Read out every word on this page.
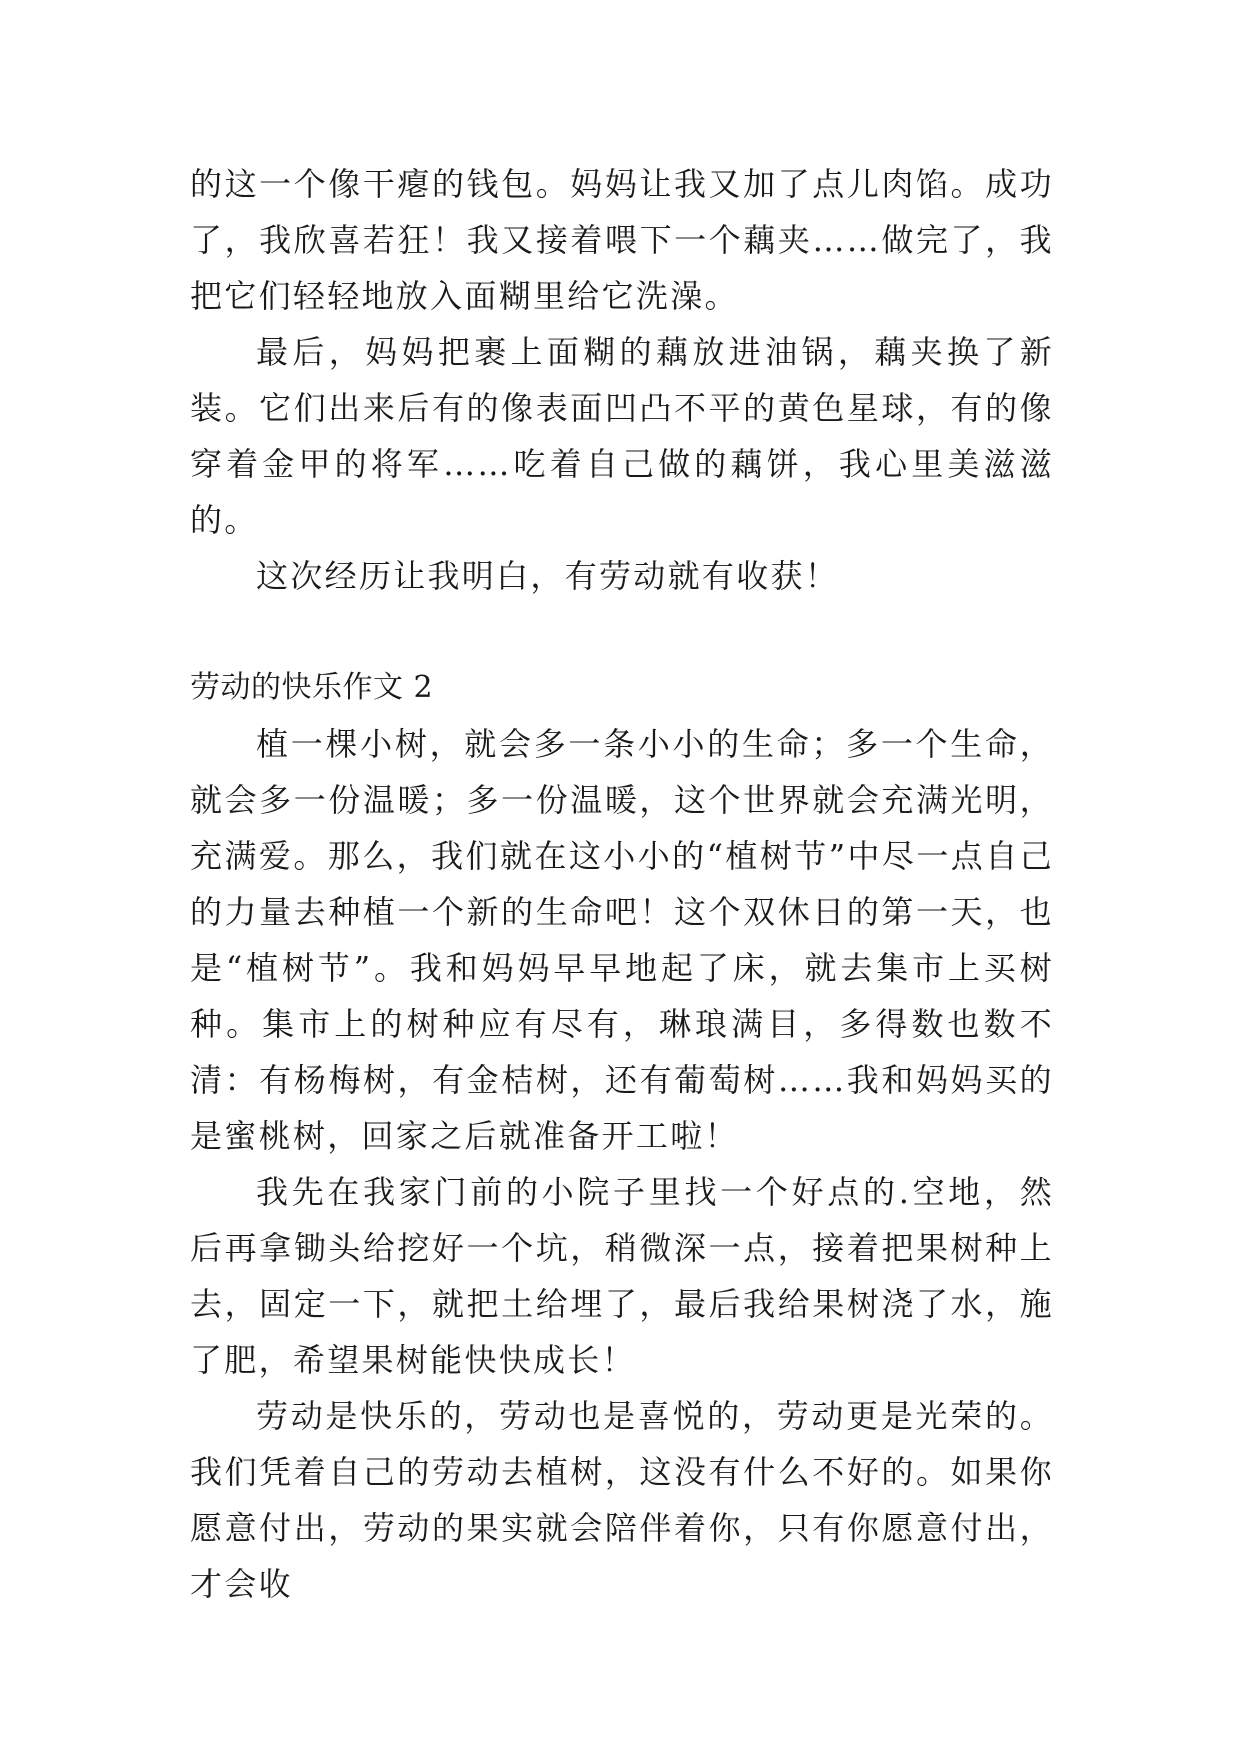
的这一个像干瘪的钱包。妈妈让我又加了点儿肉馅。成功了，我欣喜若狂！我又接着喂下一个藕夹……做完了，我把它们轻轻地放入面糊里给它洗澡。

最后，妈妈把裹上面糊的藕放进油锅，藕夹换了新装。它们出来后有的像表面凹凸不平的黄色星球，有的像穿着金甲的将军……吃着自己做的藕饼，我心里美滋滋的。

这次经历让我明白，有劳动就有收获！

劳动的快乐作文 2

植一棵小树，就会多一条小小的生命；多一个生命，就会多一份温暖；多一份温暖，这个世界就会充满光明，充满爱。那么，我们就在这小小的“植树节”中尽一点自己的力量去种植一个新的生命吧！这个双休日的第一天，也是“植树节”。我和妈妈早早地起了床，就去集市上买树种。集市上的树种应有尽有，琳琅满目，多得数也数不清：有杨梅树，有金桔树，还有葡萄树……我和妈妈买的是蜜桃树，回家之后就准备开工啦！

我先在我家门前的小院子里找一个好点的.空地，然后再拿锄头给挖好一个坑，稍微深一点，接着把果树种上去，固定一下，就把土给埋了，最后我给果树浇了水，施了肥，希望果树能快快成长！

劳动是快乐的，劳动也是喜悦的，劳动更是光荣的。我们凭着自己的劳动去植树，这没有什么不好的。如果你愿意付出，劳动的果实就会陪伴着你，只有你愿意付出，才会收
